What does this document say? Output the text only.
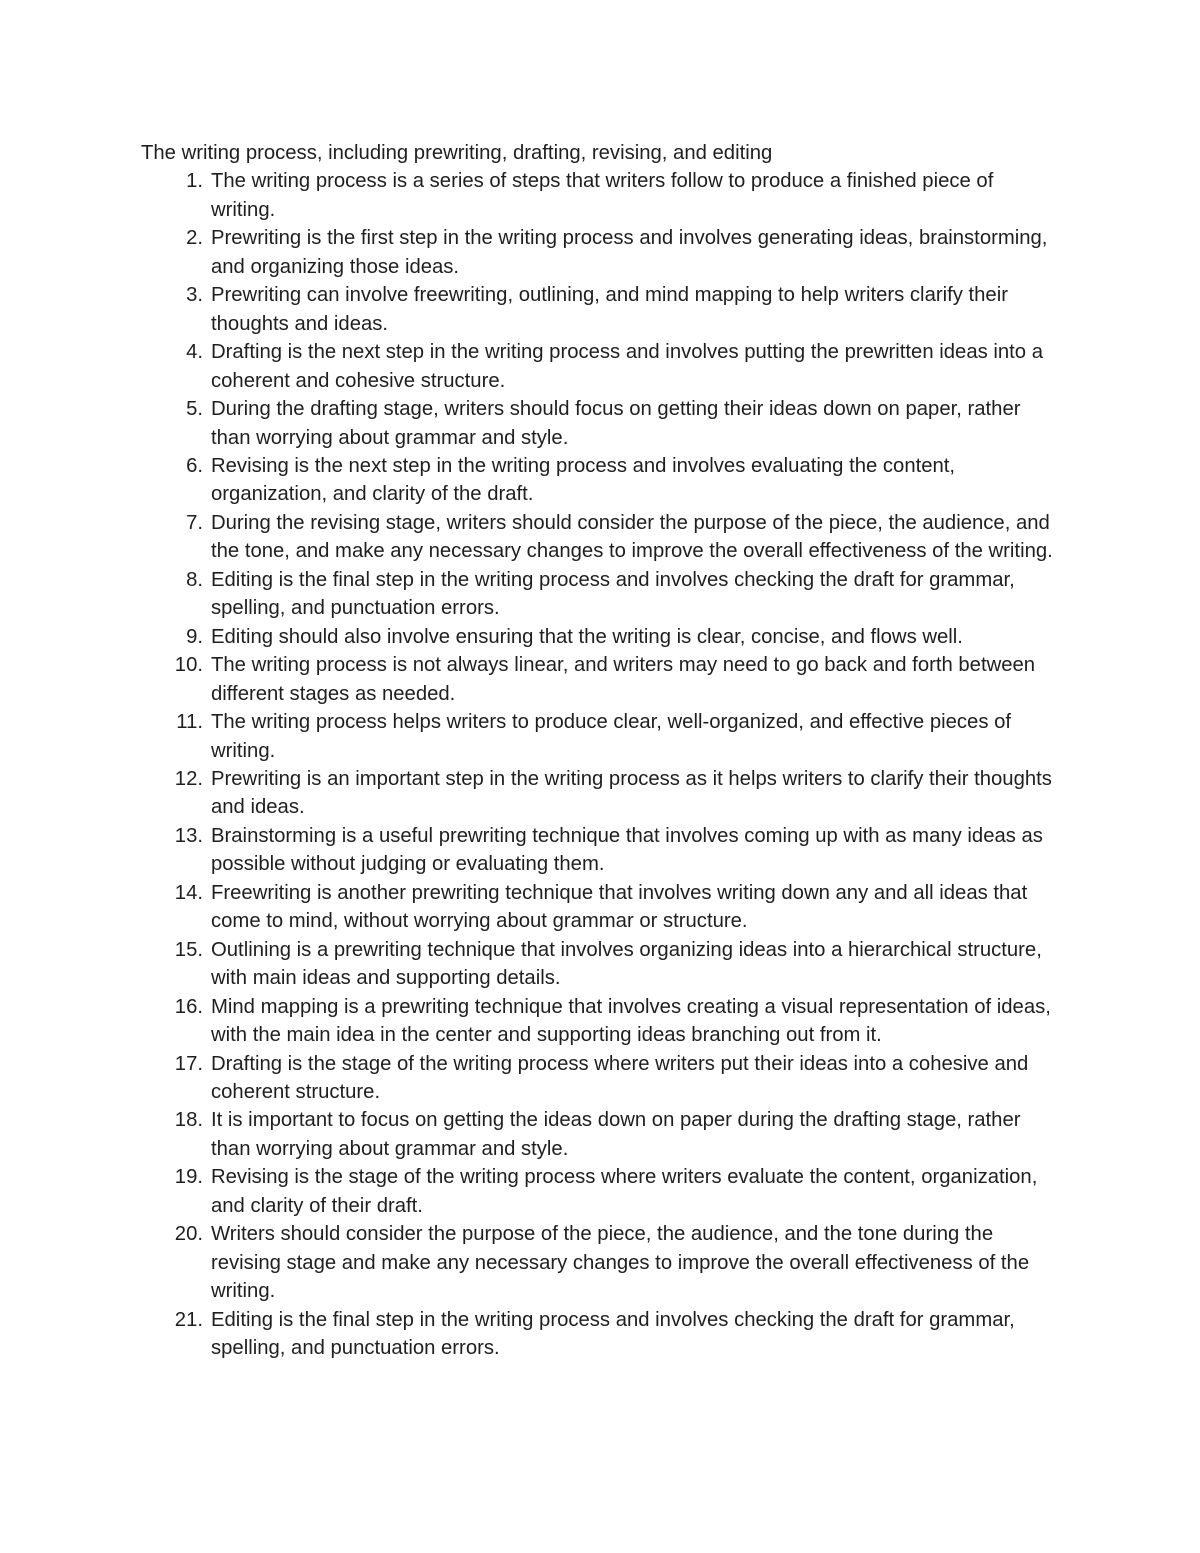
The writing process, including prewriting, drafting, revising, and editing

1. The writing process is a series of steps that writers follow to produce a finished piece of writing.
2. Prewriting is the first step in the writing process and involves generating ideas, brainstorming, and organizing those ideas.
3. Prewriting can involve freewriting, outlining, and mind mapping to help writers clarify their thoughts and ideas.
4. Drafting is the next step in the writing process and involves putting the prewritten ideas into a coherent and cohesive structure.
5. During the drafting stage, writers should focus on getting their ideas down on paper, rather than worrying about grammar and style.
6. Revising is the next step in the writing process and involves evaluating the content, organization, and clarity of the draft.
7. During the revising stage, writers should consider the purpose of the piece, the audience, and the tone, and make any necessary changes to improve the overall effectiveness of the writing.
8. Editing is the final step in the writing process and involves checking the draft for grammar, spelling, and punctuation errors.
9. Editing should also involve ensuring that the writing is clear, concise, and flows well.
10. The writing process is not always linear, and writers may need to go back and forth between different stages as needed.
11. The writing process helps writers to produce clear, well-organized, and effective pieces of writing.
12. Prewriting is an important step in the writing process as it helps writers to clarify their thoughts and ideas.
13. Brainstorming is a useful prewriting technique that involves coming up with as many ideas as possible without judging or evaluating them.
14. Freewriting is another prewriting technique that involves writing down any and all ideas that come to mind, without worrying about grammar or structure.
15. Outlining is a prewriting technique that involves organizing ideas into a hierarchical structure, with main ideas and supporting details.
16. Mind mapping is a prewriting technique that involves creating a visual representation of ideas, with the main idea in the center and supporting ideas branching out from it.
17. Drafting is the stage of the writing process where writers put their ideas into a cohesive and coherent structure.
18. It is important to focus on getting the ideas down on paper during the drafting stage, rather than worrying about grammar and style.
19. Revising is the stage of the writing process where writers evaluate the content, organization, and clarity of their draft.
20. Writers should consider the purpose of the piece, the audience, and the tone during the revising stage and make any necessary changes to improve the overall effectiveness of the writing.
21. Editing is the final step in the writing process and involves checking the draft for grammar, spelling, and punctuation errors.
